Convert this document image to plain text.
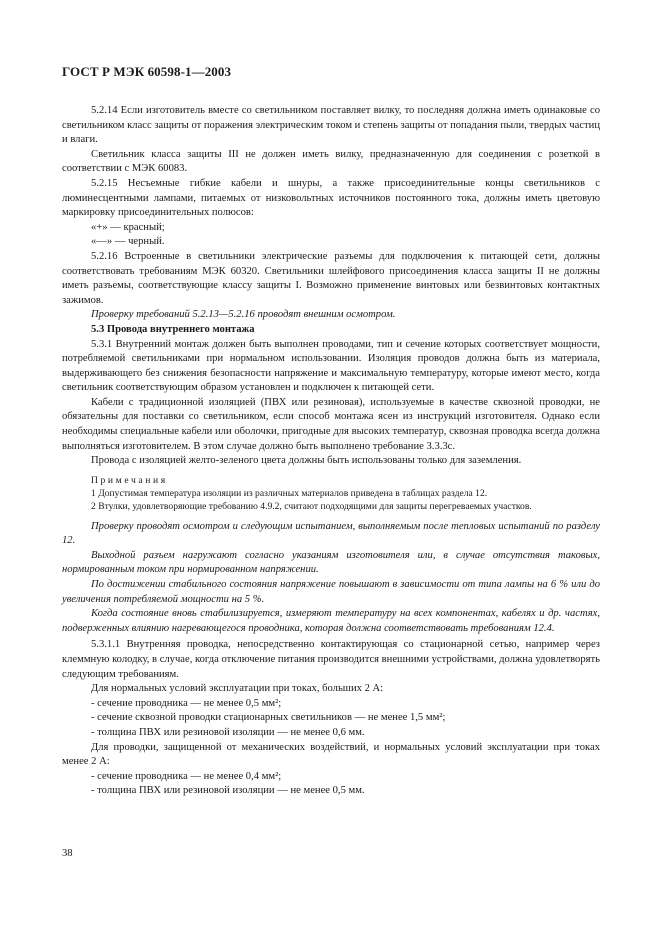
ГОСТ Р МЭК 60598-1—2003

5.2.14 Если изготовитель вместе со светильником поставляет вилку, то последняя должна иметь одинаковые со светильником класс защиты от поражения электрическим током и степень защиты от попадания пыли, твердых частиц и влаги.

Светильник класса защиты III не должен иметь вилку, предназначенную для соединения с розеткой в соответствии с МЭК 60083.

5.2.15 Несъемные гибкие кабели и шнуры, а также присоединительные концы светильников с люминесцентными лампами, питаемых от низковольтных источников постоянного тока, должны иметь цветовую маркировку присоединительных полюсов:

«+» — красный;

«—» — черный.

5.2.16 Встроенные в светильники электрические разъемы для подключения к питающей сети, должны соответствовать требованиям МЭК 60320. Светильники шлейфового присоединения класса защиты II не должны иметь разъемы, соответствующие классу защиты I. Возможно применение винтовых или безвинтовых контактных зажимов.

Проверку требований 5.2.13—5.2.16 проводят внешним осмотром.

5.3 Провода внутреннего монтажа

5.3.1 Внутренний монтаж должен быть выполнен проводами, тип и сечение которых соответствует мощности, потребляемой светильниками при нормальном использовании. Изоляция проводов должна быть из материала, выдерживающего без снижения безопасности напряжение и максимальную температуру, которые имеют место, когда светильник соответствующим образом установлен и подключен к питающей сети.

Кабели с традиционной изоляцией (ПВХ или резиновая), используемые в качестве сквозной проводки, не обязательны для поставки со светильником, если способ монтажа ясен из инструкций изготовителя. Однако если необходимы специальные кабели или оболочки, пригодные для высоких температур, сквозная проводка всегда должна выполняться изготовителем. В этом случае должно быть выполнено требование 3.3.3с.

Провода с изоляцией желто-зеленого цвета должны быть использованы только для заземления.

Примечания

1 Допустимая температура изоляции из различных материалов приведена в таблицах раздела 12.

2 Втулки, удовлетворяющие требованию 4.9.2, считают подходящими для защиты перегреваемых участков.

Проверку проводят осмотром и следующим испытанием, выполняемым после тепловых испытаний по разделу 12.

Выходной разъем нагружают согласно указаниям изготовителя или, в случае отсутствия таковых, нормированным током при нормированном напряжении.

По достижении стабильного состояния напряжение повышают в зависимости от типа лампы на 6 % или до увеличения потребляемой мощности на 5 %.

Когда состояние вновь стабилизируется, измеряют температуру на всех компонентах, кабелях и др. частях, подверженных влиянию нагревающегося проводника, которая должна соответствовать требованиям 12.4.

5.3.1.1 Внутренняя проводка, непосредственно контактирующая со стационарной сетью, например через клеммную колодку, в случае, когда отключение питания производится внешними устройствами, должна удовлетворять следующим требованиям.

Для нормальных условий эксплуатации при токах, больших 2 А:

- сечение проводника — не менее 0,5 мм²;

- сечение сквозной проводки стационарных светильников — не менее 1,5 мм²;

- толщина ПВХ или резиновой изоляции — не менее 0,6 мм.

Для проводки, защищенной от механических воздействий, и нормальных условий эксплуатации при токах менее 2 А:

- сечение проводника — не менее 0,4 мм²;

- толщина ПВХ или резиновой изоляции — не менее 0,5 мм.

38
